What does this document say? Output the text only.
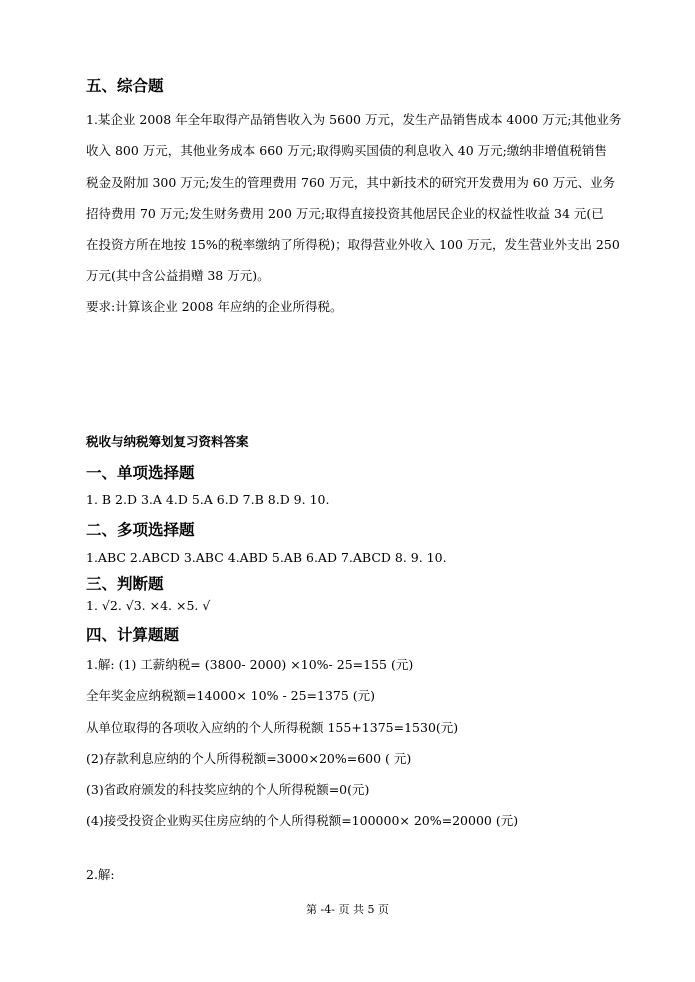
五、综合题
1.某企业 2008 年全年取得产品销售收入为 5600 万元，发生产品销售成本 4000 万元;其他业务
收入 800 万元，其他业务成本 660 万元;取得购买国债的利息收入 40 万元;缴纳非增值税销售
税金及附加 300 万元;发生的管理费用 760 万元，其中新技术的研究开发费用为 60 万元、业务
招待费用 70 万元;发生财务费用 200 万元;取得直接投资其他居民企业的权益性收益 34 元(已
在投资方所在地按 15%的税率缴纳了所得税)；取得营业外收入 100 万元，发生营业外支出 250
万元(其中含公益捐赠 38 万元)。
要求:计算该企业 2008 年应纳的企业所得税。
税收与纳税筹划复习资料答案
一、单项选择题
1. B 2.D 3.A 4.D 5.A 6.D 7.B 8.D 9. 10.
二、多项选择题
1.ABC 2.ABCD 3.ABC 4.ABD 5.AB 6.AD 7.ABCD 8. 9. 10.
三、判断题
1. √2. √3. ×4. ×5. √
四、计算题题
1.解: (1) 工薪纳税= (3800- 2000) ×10%- 25=155 (元)
全年奖金应纳税额=14000× 10% - 25=1375 (元)
从单位取得的各项收入应纳的个人所得税额 155+1375=1530(元)
(2)存款利息应纳的个人所得税额=3000×20%=600 ( 元)
(3)省政府颁发的科技奖应纳的个人所得税额=0(元)
(4)接受投资企业购买住房应纳的个人所得税额=100000× 20%=20000 (元)
2.解:
第 -4- 页 共 5 页
